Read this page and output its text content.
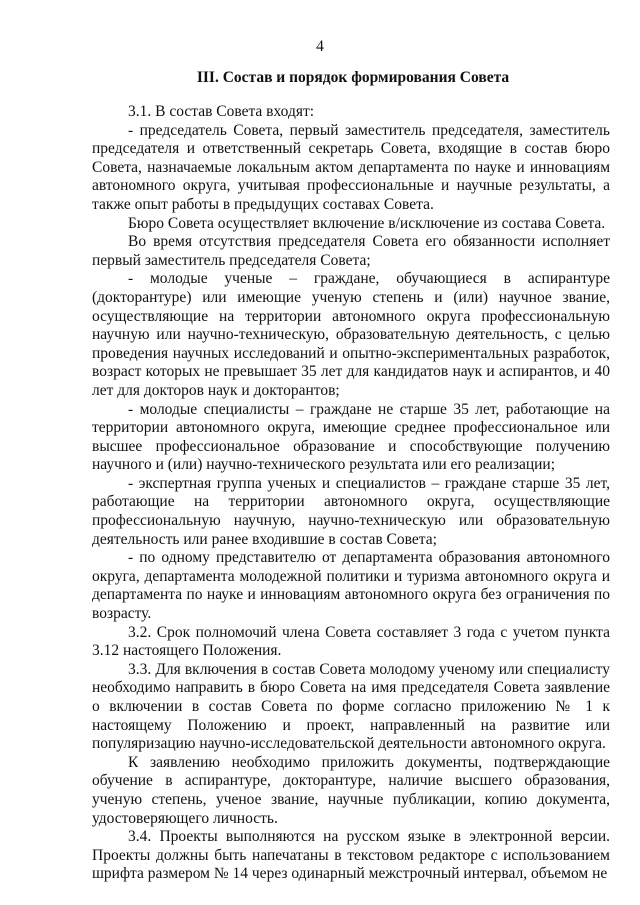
4
III. Состав и порядок формирования Совета

3.1. В состав Совета входят:

- председатель Совета, первый заместитель председателя, заместитель председателя и ответственный секретарь Совета, входящие в состав бюро Совета, назначаемые локальным актом департамента по науке и инновациям автономного округа, учитывая профессиональные и научные результаты, а также опыт работы в предыдущих составах Совета.

Бюро Совета осуществляет включение в/исключение из состава Совета.

Во время отсутствия председателя Совета его обязанности исполняет первый заместитель председателя Совета;

- молодые ученые – граждане, обучающиеся в аспирантуре (докторантуре) или имеющие ученую степень и (или) научное звание, осуществляющие на территории автономного округа профессиональную научную или научно-техническую, образовательную деятельность, с целью проведения научных исследований и опытно-экспериментальных разработок, возраст которых не превышает 35 лет для кандидатов наук и аспирантов, и 40 лет для докторов наук и докторантов;

- молодые специалисты – граждане не старше 35 лет, работающие на территории автономного округа, имеющие среднее профессиональное или высшее профессиональное образование и способствующие получению научного и (или) научно-технического результата или его реализации;

- экспертная группа ученых и специалистов – граждане старше 35 лет, работающие на территории автономного округа, осуществляющие профессиональную научную, научно-техническую или образовательную деятельность или ранее входившие в состав Совета;

- по одному представителю от департамента образования автономного округа, департамента молодежной политики и туризма автономного округа и департамента по науке и инновациям автономного округа без ограничения по возрасту.

3.2. Срок полномочий члена Совета составляет 3 года с учетом пункта 3.12 настоящего Положения.

3.3. Для включения в состав Совета молодому ученому или специалисту необходимо направить в бюро Совета на имя председателя Совета заявление о включении в состав Совета по форме согласно приложению № 1 к настоящему Положению и проект, направленный на развитие или популяризацию научно-исследовательской деятельности автономного округа.

К заявлению необходимо приложить документы, подтверждающие обучение в аспирантуре, докторантуре, наличие высшего образования, ученую степень, ученое звание, научные публикации, копию документа, удостоверяющего личность.

3.4. Проекты выполняются на русском языке в электронной версии. Проекты должны быть напечатаны в текстовом редакторе с использованием шрифта размером № 14 через одинарный межстрочный интервал, объемом не
